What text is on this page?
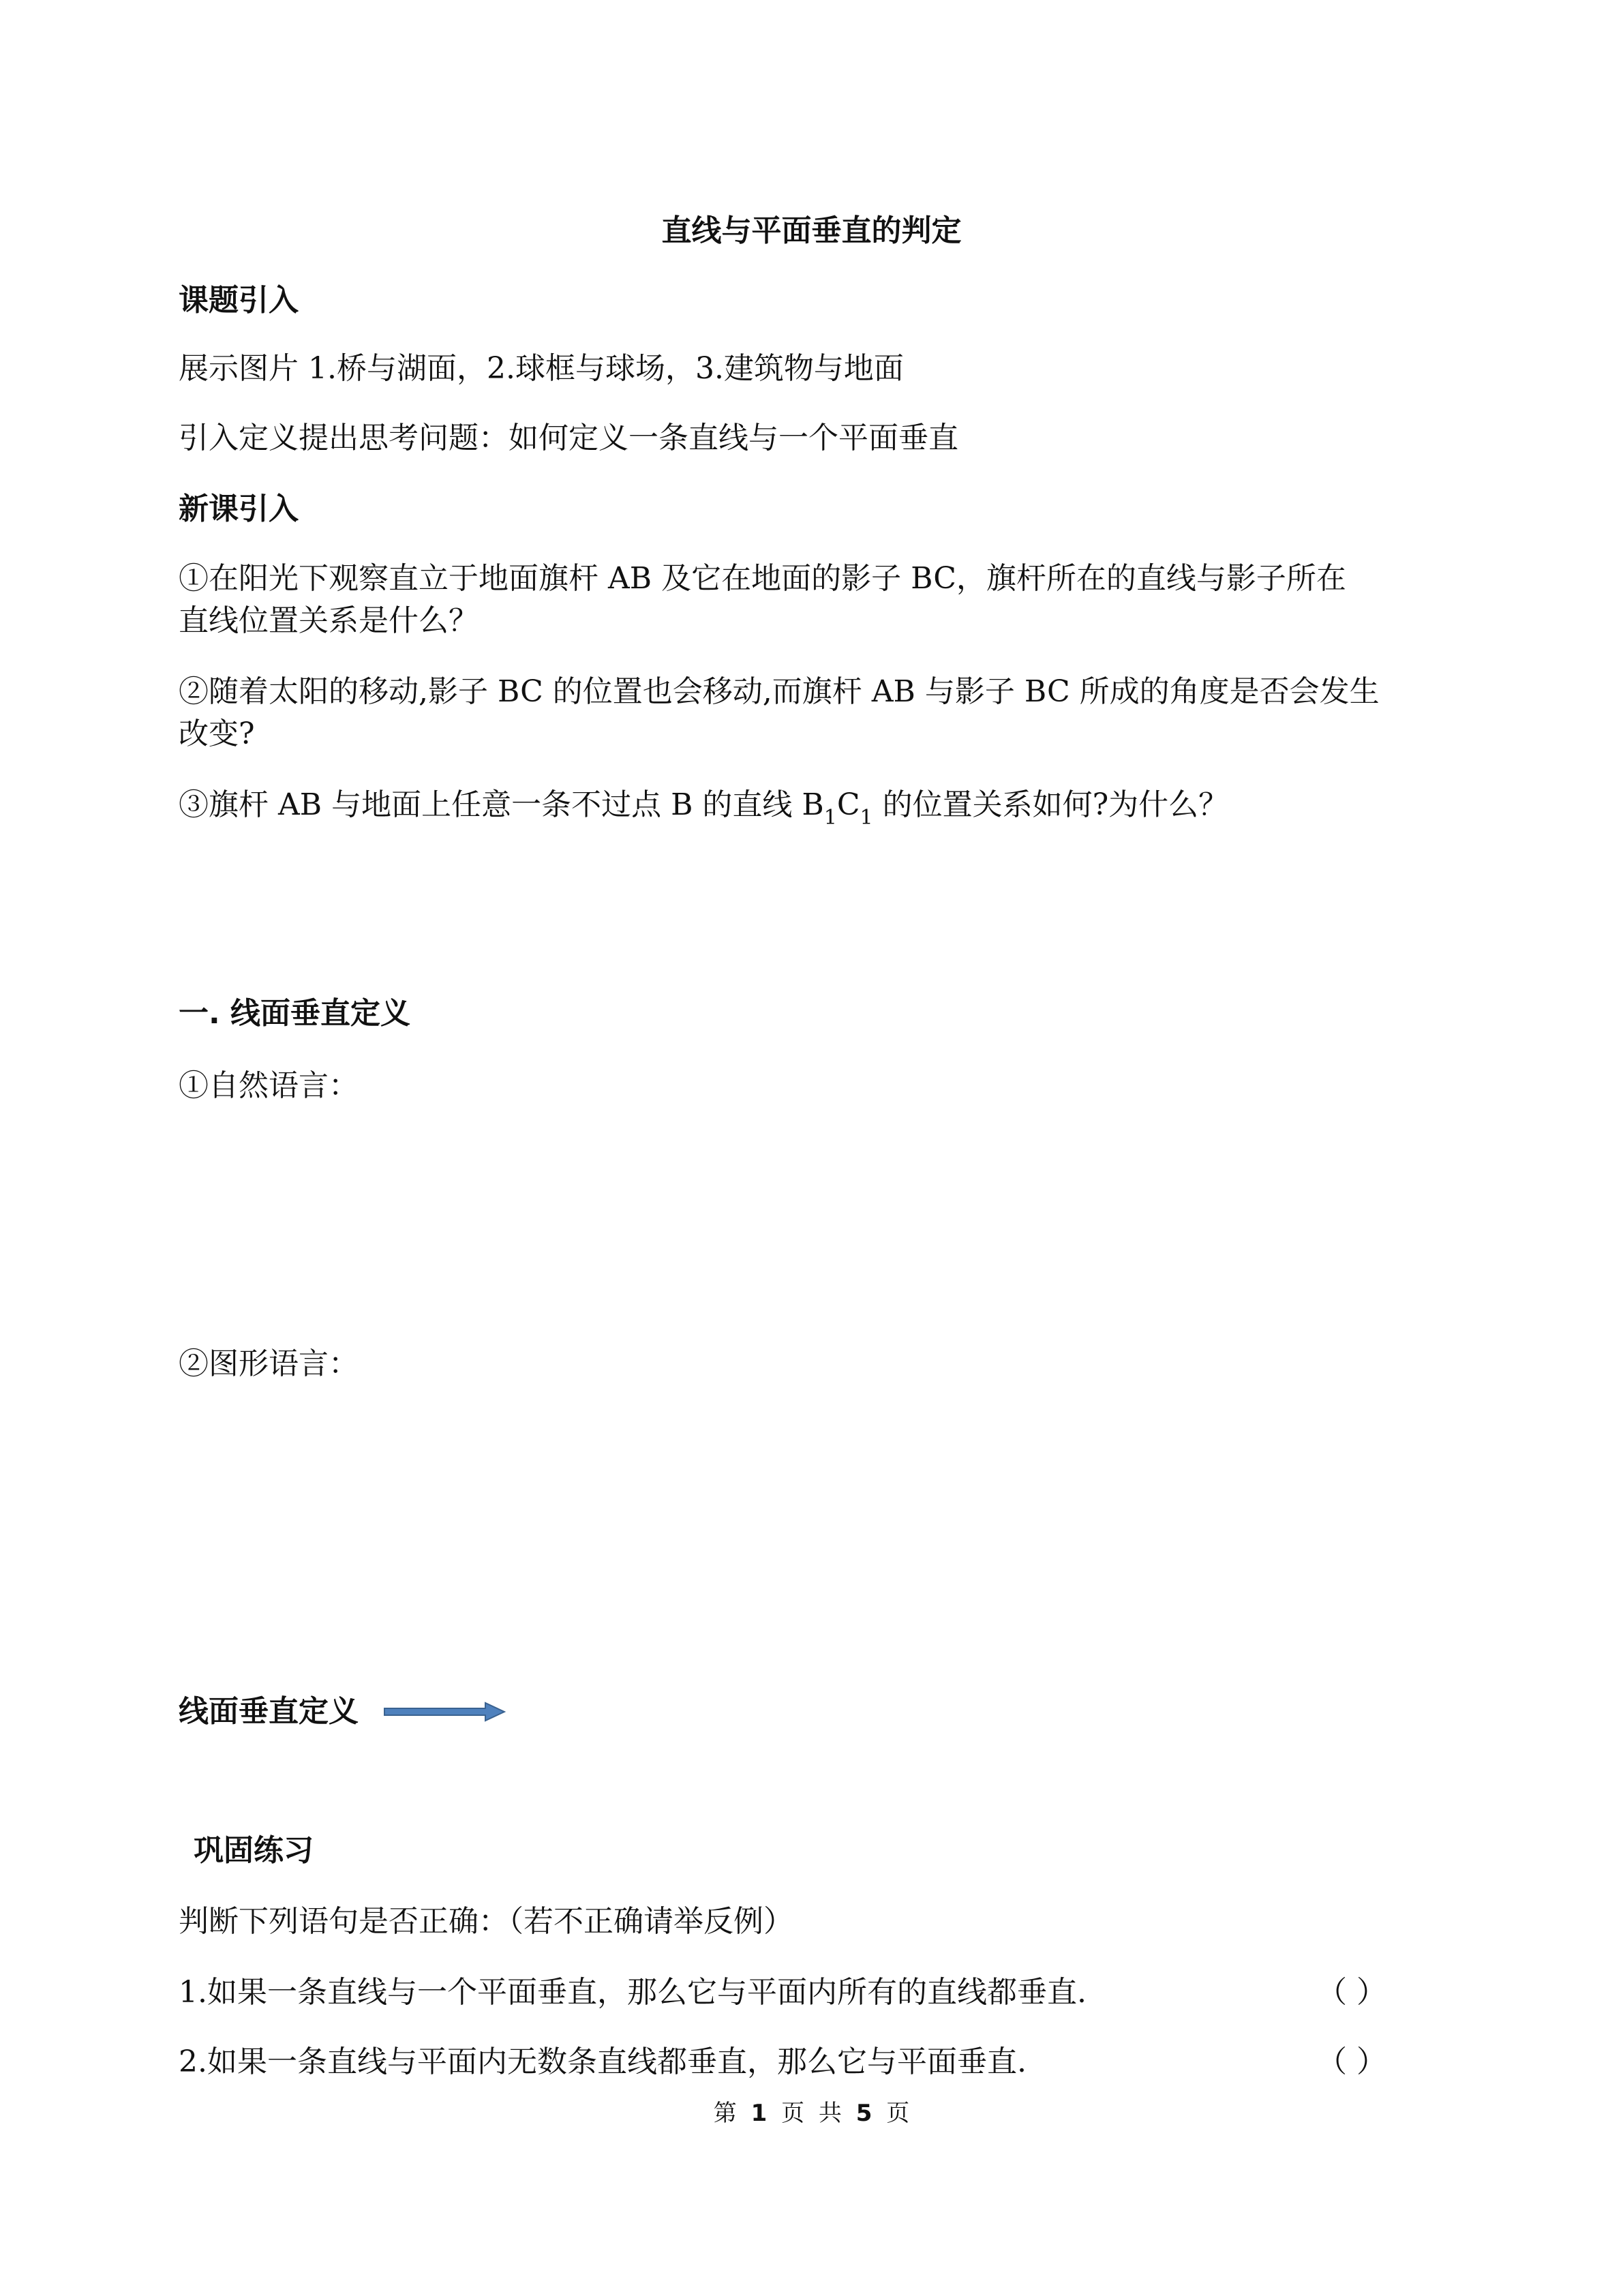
直线与平面垂直的判定
课题引入
展示图片 1.桥与湖面，2.球框与球场，3.建筑物与地面
引入定义提出思考问题：如何定义一条直线与一个平面垂直
新课引入
①在阳光下观察直立于地面旗杆 AB 及它在地面的影子 BC，旗杆所在的直线与影子所在
直线位置关系是什么？
②随着太阳的移动,影子 BC 的位置也会移动,而旗杆 AB 与影子 BC 所成的角度是否会发生
改变?
③旗杆 AB 与地面上任意一条不过点 B 的直线 $B_1C_1$ 的位置关系如何?为什么？
一. 线面垂直定义
①自然语言：
②图形语言：
线面垂直定义
巩固练习
判断下列语句是否正确：（若不正确请举反例）
1.如果一条直线与一个平面垂直，那么它与平面内所有的直线都垂直.	（ ）
2.如果一条直线与平面内无数条直线都垂直，那么它与平面垂直.	（ ）
第 1 页 共 5 页
